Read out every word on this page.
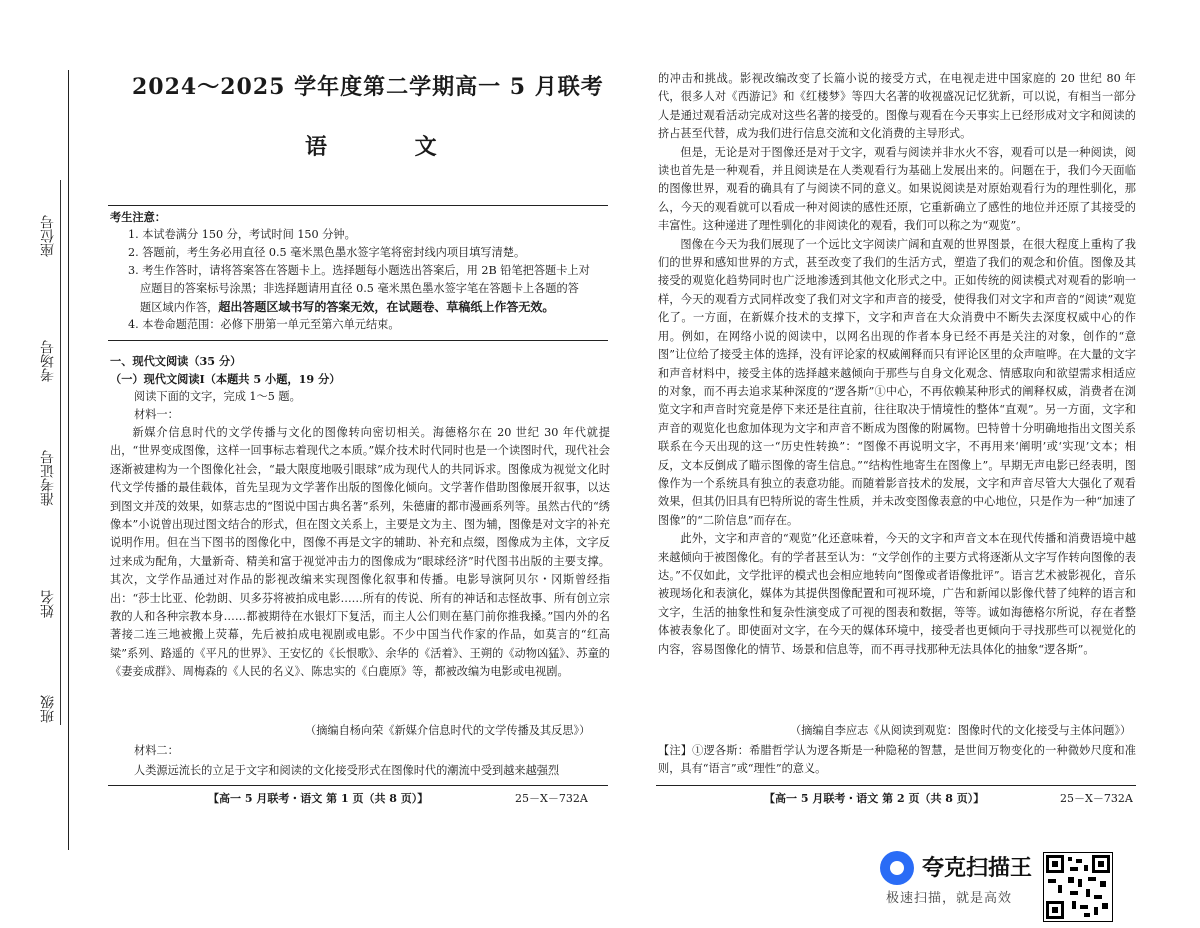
座位号
考场号
准考证号
姓名
班级
2024～2025 学年度第二学期高一 5 月联考
语 文
考生注意：
1. 本试卷满分 150 分，考试时间 150 分钟。
2. 答题前，考生务必用直径 0.5 毫米黑色墨水签字笔将密封线内项目填写清楚。
3. 考生作答时，请将答案答在答题卡上。选择题每小题选出答案后，用 2B 铅笔把答题卡上对
应题目的答案标号涂黑；非选择题请用直径 0.5 毫米黑色墨水签字笔在答题卡上各题的答
题区域内作答，超出答题区域书写的答案无效，在试题卷、草稿纸上作答无效。
4. 本卷命题范围：必修下册第一单元至第六单元结束。
一、现代文阅读（35 分）
（一）现代文阅读Ⅰ（本题共 5 小题，19 分）
阅读下面的文字，完成 1～5 题。
材料一：

新媒介信息时代的文学传播与文化的图像转向密切相关。海德格尔在 20 世纪 30 年代就提出，“世界变成图像，这样一回事标志着现代之本质。”媒介技术时代同时也是一个读图时代，现代社会逐渐被建构为一个图像化社会，“最大限度地吸引眼球”成为现代人的共同诉求。图像成为视觉文化时代文学传播的最佳载体，首先呈现为文学著作出版的图像化倾向。文学著作借助图像展开叙事，以达到图文并茂的效果，如蔡志忠的“图说中国古典名著”系列，朱德庸的都市漫画系列等。虽然古代的“绣像本”小说曾出现过图文结合的形式，但在图文关系上，主要是文为主、图为辅，图像是对文字的补充说明作用。但在当下图书的图像化中，图像不再是文字的辅助、补充和点缀，图像成为主体，文字反过来成为配角，大量新奇、精美和富于视觉冲击力的图像成为“眼球经济”时代图书出版的主要支撑。其次，文学作品通过对作品的影视改编来实现图像化叙事和传播。电影导演阿贝尔・冈斯曾经指出：“莎士比亚、伦勃朗、贝多芬将被拍成电影……所有的传说、所有的神话和志怪故事、所有创立宗教的人和各种宗教本身……都被期待在水银灯下复活，而主人公们则在墓门前你推我搡。”国内外的名著接二连三地被搬上荧幕，先后被拍成电视剧或电影。不少中国当代作家的作品，如莫言的“红高粱”系列、路遥的《平凡的世界》、王安忆的《长恨歌》、余华的《活着》、王朔的《动物凶猛》、苏童的《妻妾成群》、周梅森的《人民的名义》、陈忠实的《白鹿原》等，都被改编为电影或电视剧。

（摘编自杨向荣《新媒介信息时代的文学传播及其反思》）
材料二：
人类源远流长的立足于文字和阅读的文化接受形式在图像时代的潮流中受到越来越强烈
【高一 5 月联考・语文 第 1 页（共 8 页）】	25－X－732A

的冲击和挑战。影视改编改变了长篇小说的接受方式，在电视走进中国家庭的 20 世纪 80 年代，很多人对《西游记》和《红楼梦》等四大名著的收视盛况记忆犹新，可以说，有相当一部分人是通过观看活动完成对这些名著的接受的。图像与观看在今天事实上已经形成对文字和阅读的挤占甚至代替，成为我们进行信息交流和文化消费的主导形式。

但是，无论是对于图像还是对于文字，观看与阅读并非水火不容，观看可以是一种阅读，阅读也首先是一种观看，并且阅读是在人类观看行为基础上发展出来的。问题在于，我们今天面临的图像世界，观看的确具有了与阅读不同的意义。如果说阅读是对原始观看行为的理性驯化，那么，今天的观看就可以看成一种对阅读的感性还原，它重新确立了感性的地位并还原了其接受的丰富性。这种递进了理性驯化的非阅读化的观看，我们可以称之为“观览”。

图像在今天为我们展现了一个远比文字阅读广阔和直观的世界图景，在很大程度上重构了我们的世界和感知世界的方式，甚至改变了我们的生活方式，塑造了我们的观念和价值。图像及其接受的观览化趋势同时也广泛地渗透到其他文化形式之中。正如传统的阅读模式对观看的影响一样，今天的观看方式同样改变了我们对文字和声音的接受，使得我们对文字和声音的“阅读”观览化了。一方面，在新媒介技术的支撑下，文字和声音在大众消费中不断失去深度权威中心的作用。例如，在网络小说的阅读中，以网名出现的作者本身已经不再是关注的对象，创作的“意图”让位给了接受主体的选择，没有评论家的权威阐释而只有评论区里的众声喧哗。在大量的文字和声音材料中，接受主体的选择越来越倾向于那些与自身文化观念、情感取向和欲望需求相适应的对象，而不再去追求某种深度的“逻各斯”①中心，不再依赖某种形式的阐释权威，消费者在浏览文字和声音时究竟是停下来还是往直前，往往取决于情境性的整体“直观”。另一方面，文字和声音的观览化也愈加体现为文字和声音不断成为图像的附属物。巴特曾十分明确地指出文图关系联系在今天出现的这一“历史性转换”：“图像不再说明文字，不再用来‘阐明’或‘实现’文本；相反，文本反倒成了瞄示图像的寄生信息。”“结构性地寄生在图像上”。早期无声电影已经表明，图像作为一个系统具有独立的表意功能。而随着影音技术的发展，文字和声音尽管大大强化了观看效果，但其仍旧具有巴特所说的寄生性质，并未改变图像表意的中心地位，只是作为一种“加速了图像”的“二阶信息”而存在。

此外，文字和声音的“观览”化还意味着，今天的文字和声音文本在现代传播和消费语境中越来越倾向于被图像化。有的学者甚至认为：“文学创作的主要方式将逐渐从文字写作转向图像的表达。”不仅如此，文学批评的模式也会相应地转向“图像或者语像批评”。语言艺术被影视化，音乐被现场化和表演化，媒体为其提供图像配置和可视环境，广告和新闻以影像代替了纯粹的语言和文字，生活的抽象性和复杂性演变成了可视的图表和数据，等等。诚如海德格尔所说，存在者整体被表象化了。即使面对文字，在今天的媒体环境中，接受者也更倾向于寻找那些可以视觉化的内容，容易图像化的情节、场景和信息等，而不再寻找那种无法具体化的抽象“逻各斯”。

（摘编自李应志《从阅读到观览：图像时代的文化接受与主体问题》）

【注】①逻各斯：希腊哲学认为逻各斯是一种隐秘的智慧，是世间万物变化的一种微妙尺度和准则，具有“语言”或“理性”的意义。

【高一 5 月联考・语文 第 2 页（共 8 页）】	25－X－732A
夸克扫描王
极速扫描，就是高效
